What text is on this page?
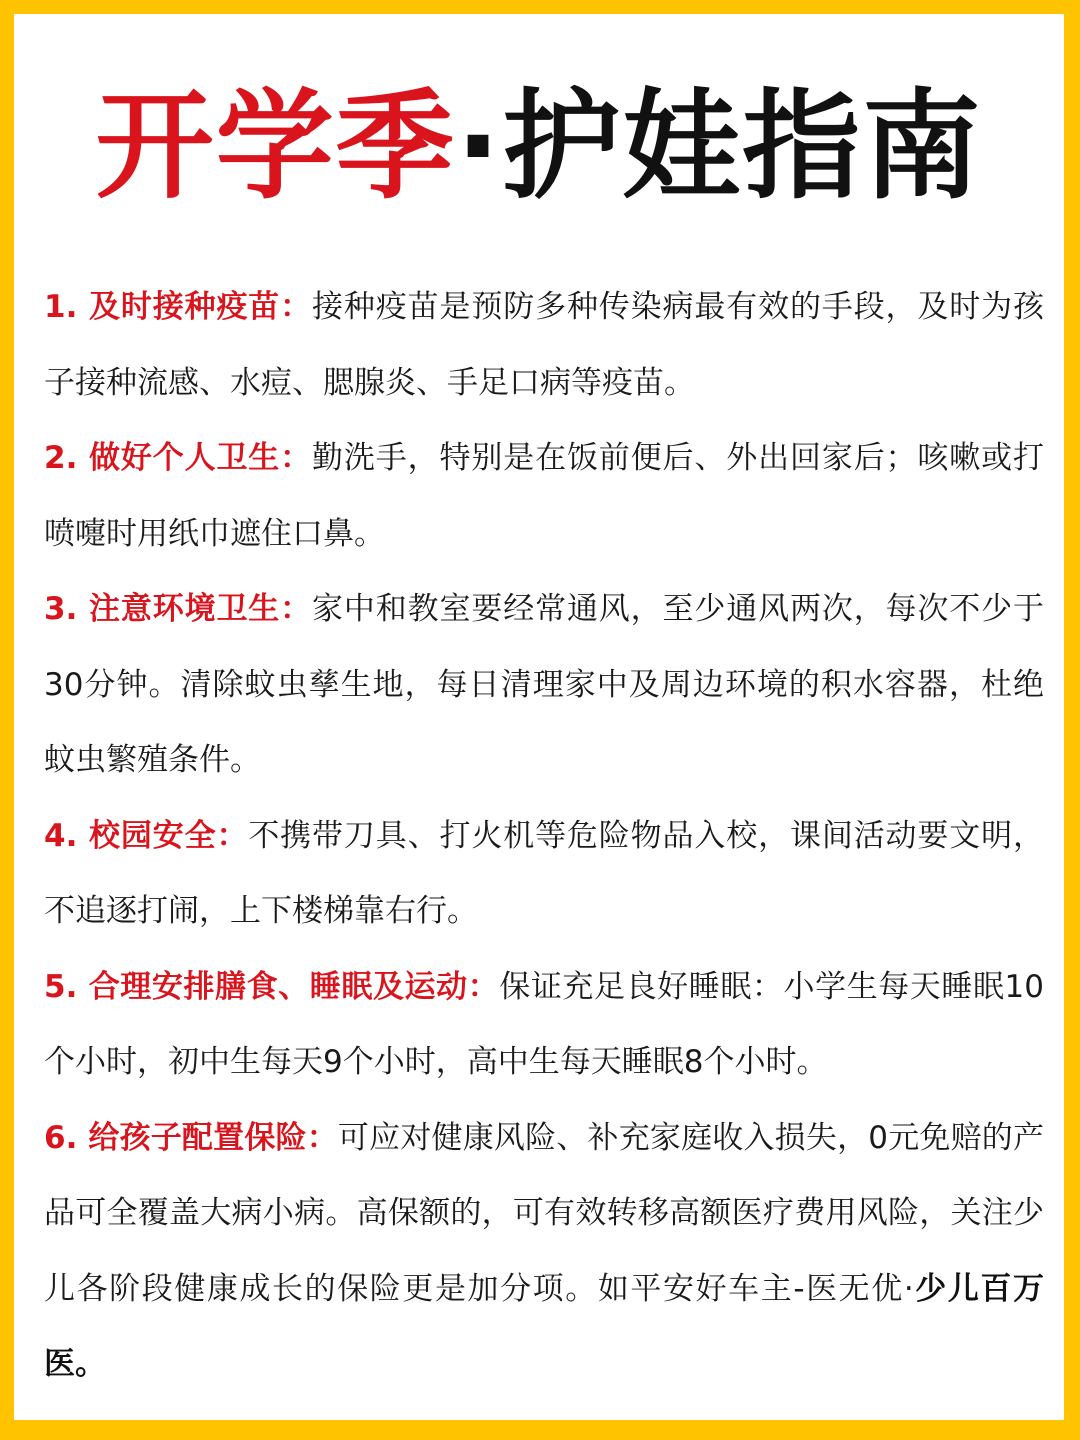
开学季·护娃指南

1. 及时接种疫苗：接种疫苗是预防多种传染病最有效的手段，及时为孩子接种流感、水痘、腮腺炎、手足口病等疫苗。

2. 做好个人卫生：勤洗手，特别是在饭前便后、外出回家后；咳嗽或打喷嚏时用纸巾遮住口鼻。

3. 注意环境卫生：家中和教室要经常通风，至少通风两次，每次不少于30分钟。清除蚊虫孳生地，每日清理家中及周边环境的积水容器，杜绝蚊虫繁殖条件。

4. 校园安全：不携带刀具、打火机等危险物品入校，课间活动要文明，不追逐打闹，上下楼梯靠右行。

5. 合理安排膳食、睡眠及运动：保证充足良好睡眠：小学生每天睡眠10个小时，初中生每天9个小时，高中生每天睡眠8个小时。

6. 给孩子配置保险：可应对健康风险、补充家庭收入损失，0元免赔的产品可全覆盖大病小病。高保额的，可有效转移高额医疗费用风险，关注少儿各阶段健康成长的保险更是加分项。如平安好车主-医无优·少儿百万医。
